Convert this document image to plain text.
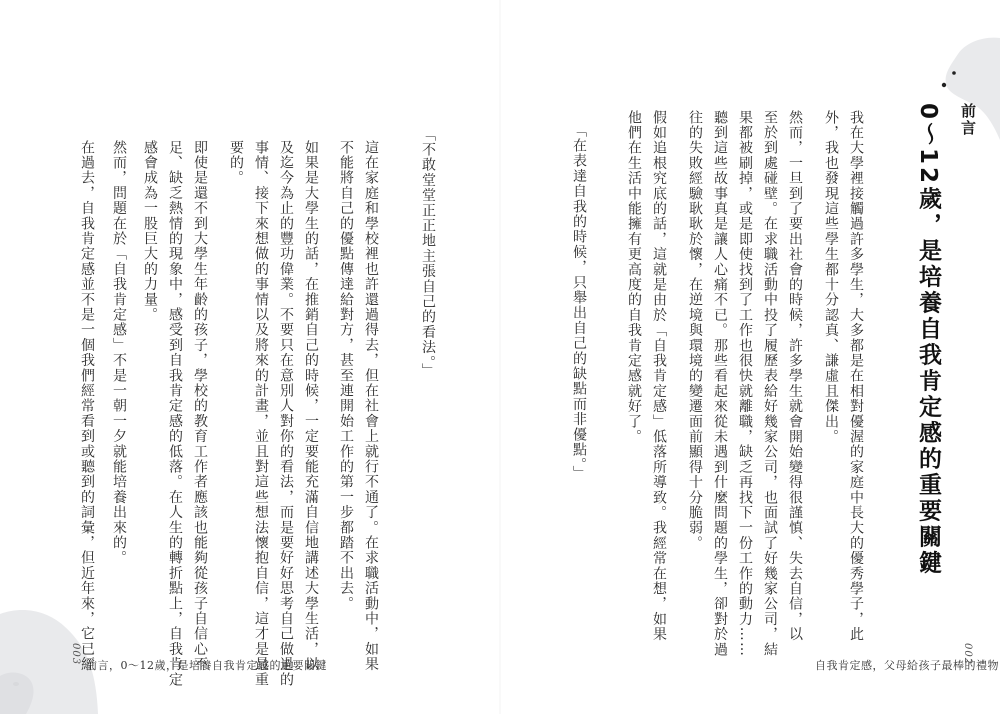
「不敢堂堂正正地主張自己的看法。」
這在家庭和學校裡也許還過得去，但在社會上就行不通了。在求職活動中，如果
不能將自己的優點傳達給對方，甚至連開始工作的第一步都踏不出去。
如果是大學生的話，在推銷自己的時候，一定要能充滿自信地講述大學生活，以
及迄今為止的豐功偉業。不要只在意別人對你的看法，而是要好好思考自己做過的
事情、接下來想做的事情以及將來的計畫，並且對這些想法懷抱自信，這才是最重
要的。
即使是還不到大學生年齡的孩子，學校的教育工作者應該也能夠從孩子自信心不
足、缺乏熱情的現象中，感受到自我肯定感的低落。在人生的轉折點上，自我肯定
感會成為一股巨大的力量。
然而，問題在於「自我肯定感」不是一朝一夕就能培養出來的。
在過去，自我肯定感並不是一個我們經常看到或聽到的詞彙，但近年來，它已經
003
前言，0～12歲，是培養自我肯定感的重要關鍵
前言
0～12歲，是培養自我肯定感的重要關鍵
我在大學裡接觸過許多學生，大多都是在相對優渥的家庭中長大的優秀學子，此
外，我也發現這些學生都十分認真、謙虛且傑出。
然而，一旦到了要出社會的時候，許多學生就會開始變得很謹慎、失去自信，以
至於到處碰壁。在求職活動中投了履歷表給好幾家公司，也面試了好幾家公司，結
果都被刷掉，或是即使找到了工作也很快就離職，缺乏再找下一份工作的動力……
聽到這些故事真是讓人心痛不已。那些看起來從未遇到什麼問題的學生，卻對於過
往的失敗經驗耿耿於懷，在逆境與環境的變遷面前顯得十分脆弱。
假如追根究底的話，這就是由於「自我肯定感」低落所導致。我經常在想，如果
他們在生活中能擁有更高度的自我肯定感就好了。
「在表達自我的時候，只舉出自己的缺點而非優點。」
自我肯定感，父母給孩子最棒的禮物
002
